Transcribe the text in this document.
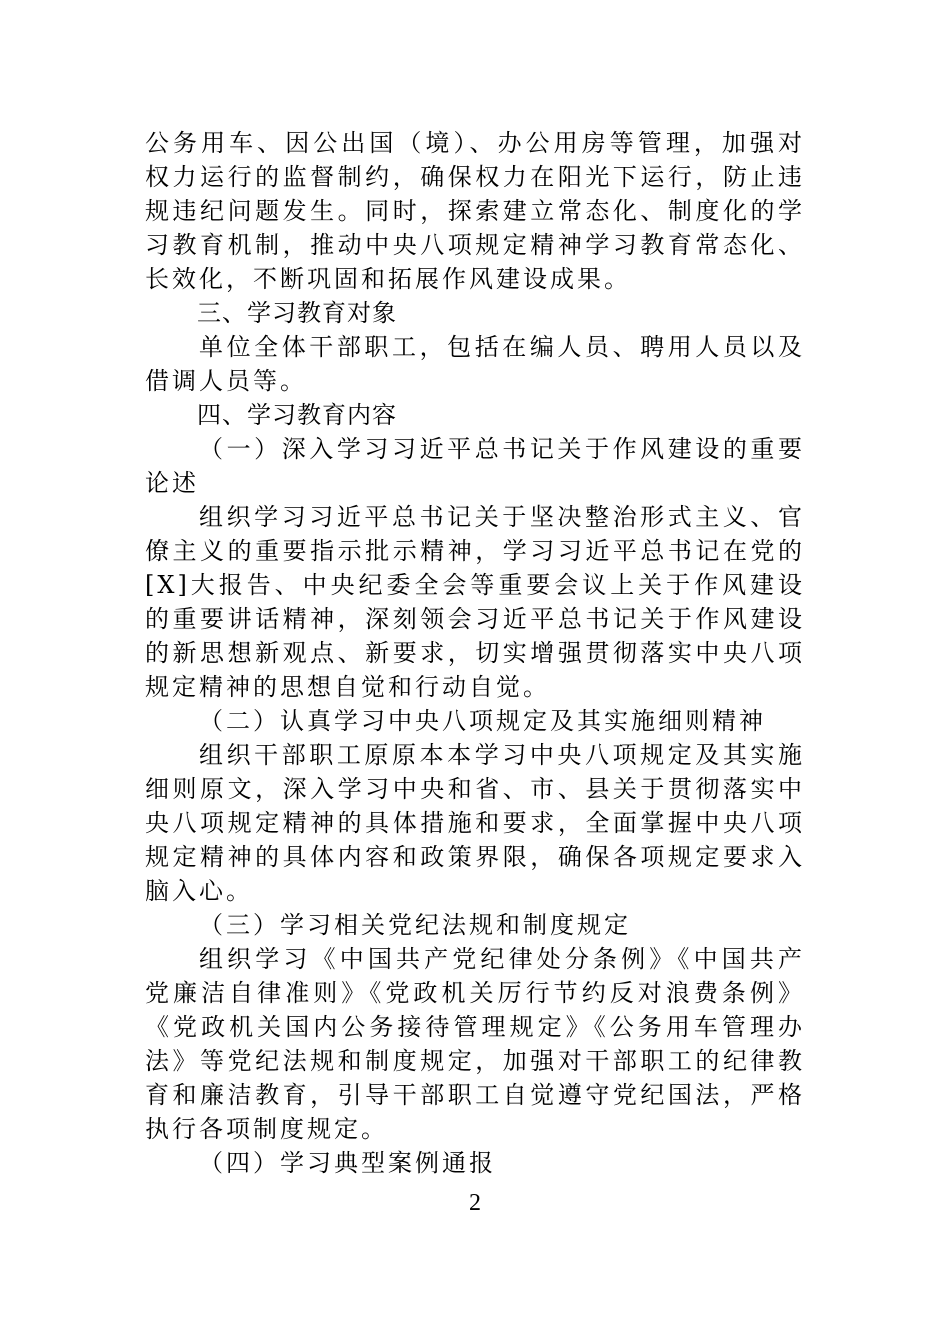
公务用车、因公出国（境）、办公用房等管理，加强对权力运行的监督制约，确保权力在阳光下运行，防止违规违纪问题发生。同时，探索建立常态化、制度化的学习教育机制，推动中央八项规定精神学习教育常态化、长效化，不断巩固和拓展作风建设成果。

三、学习教育对象

单位全体干部职工，包括在编人员、聘用人员以及借调人员等。

四、学习教育内容

（一）深入学习习近平总书记关于作风建设的重要论述

组织学习习近平总书记关于坚决整治形式主义、官僚主义的重要指示批示精神，学习习近平总书记在党的 [X]大报告、中央纪委全会等重要会议上关于作风建设的重要讲话精神，深刻领会习近平总书记关于作风建设的新思想新观点、新要求，切实增强贯彻落实中央八项规定精神的思想自觉和行动自觉。

（二）认真学习中央八项规定及其实施细则精神

组织干部职工原原本本学习中央八项规定及其实施细则原文，深入学习中央和省、市、县关于贯彻落实中央八项规定精神的具体措施和要求，全面掌握中央八项规定精神的具体内容和政策界限，确保各项规定要求入脑入心。

（三）学习相关党纪法规和制度规定

组织学习《中国共产党纪律处分条例》《中国共产党廉洁自律准则》《党政机关厉行节约反对浪费条例》《党政机关国内公务接待管理规定》《公务用车管理办法》等党纪法规和制度规定，加强对干部职工的纪律教育和廉洁教育，引导干部职工自觉遵守党纪国法，严格执行各项制度规定。

（四）学习典型案例通报

2
